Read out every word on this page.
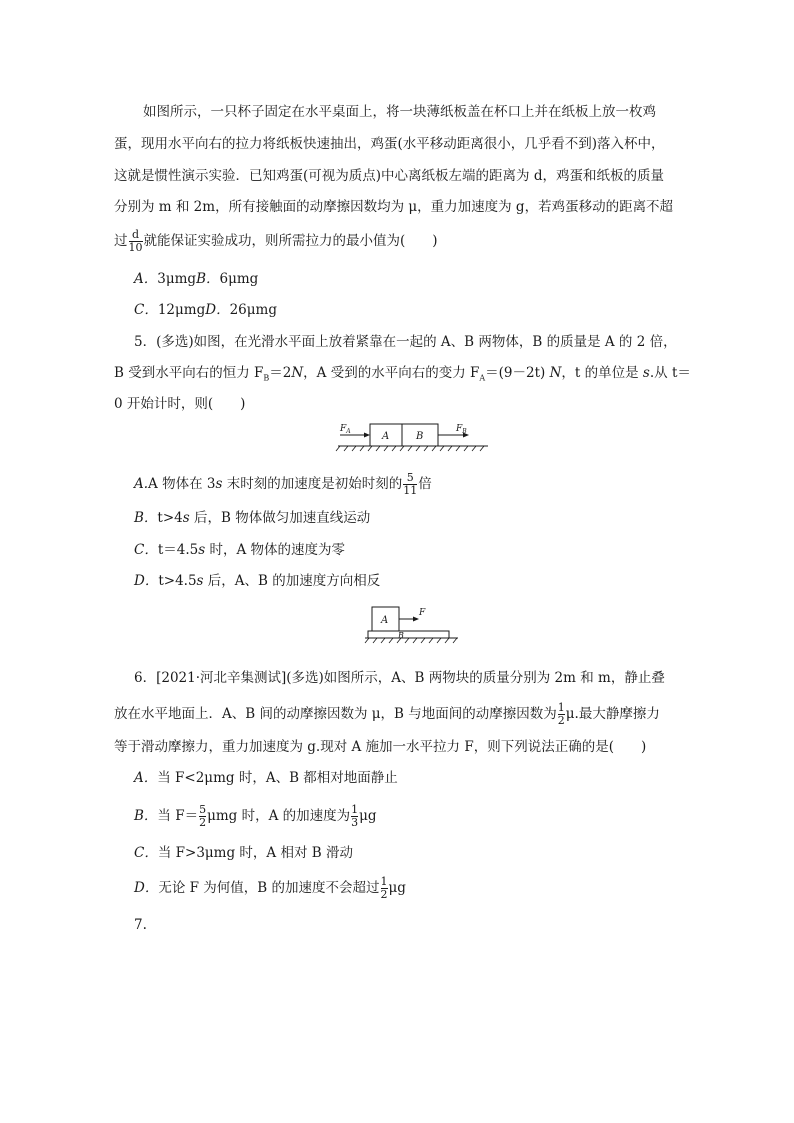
如图所示，一只杯子固定在水平桌面上，将一块薄纸板盖在杯口上并在纸板上放一枚鸡
蛋，现用水平向右的拉力将纸板快速抽出，鸡蛋(水平移动距离很小，几乎看不到)落入杯中，
这就是惯性演示实验．已知鸡蛋(可视为质点)中心离纸板左端的距离为 d，鸡蛋和纸板的质量
分别为 m 和 2m，所有接触面的动摩擦因数均为 μ，重力加速度为 g，若鸡蛋移动的距离不超
过 $\frac{d}{10}$ 就能保证实验成功，则所需拉力的最小值为(　　)
A．3μmgB．6μmg
C．12μmgD．26μmg
5．(多选)如图，在光滑水平面上放着紧靠在一起的 A、B 两物体，B 的质量是 A 的 2 倍，
B 受到水平向右的恒力 $F_B=2N$，A 受到的水平向右的变力 $F_A=(9-2t)$ N，t 的单位是 s.从 t＝
0 开始计时，则(　　)
A	B
$F_A$	$F_B$
A.A 物体在 3s 末时刻的加速度是初始时刻的 $\frac{5}{11}$ 倍
B．t>4s 后，B 物体做匀加速直线运动
C．t＝4.5s 时，A 物体的速度为零
D．t>4.5s 后，A、B 的加速度方向相反
A
B
F
6．[2021·河北辛集测试](多选)如图所示，A、B 两物块的质量分别为 2m 和 m，静止叠
放在水平地面上．A、B 间的动摩擦因数为 μ，B 与地面间的动摩擦因数为 $\frac{1}{2} \mu$.最大静摩擦力
等于滑动摩擦力，重力加速度为 g.现对 A 施加一水平拉力 F，则下列说法正确的是(　　)
A．当 F<2μmg 时，A、B 都相对地面静止
B．当 $F= \frac{5}{2}$ μmg 时，A 的加速度为 $\frac{1}{3}$ μg
C．当 F>3μmg 时，A 相对 B 滑动
D．无论 F 为何值，B 的加速度不会超过 $\frac{1}{2}$ μg
7.
